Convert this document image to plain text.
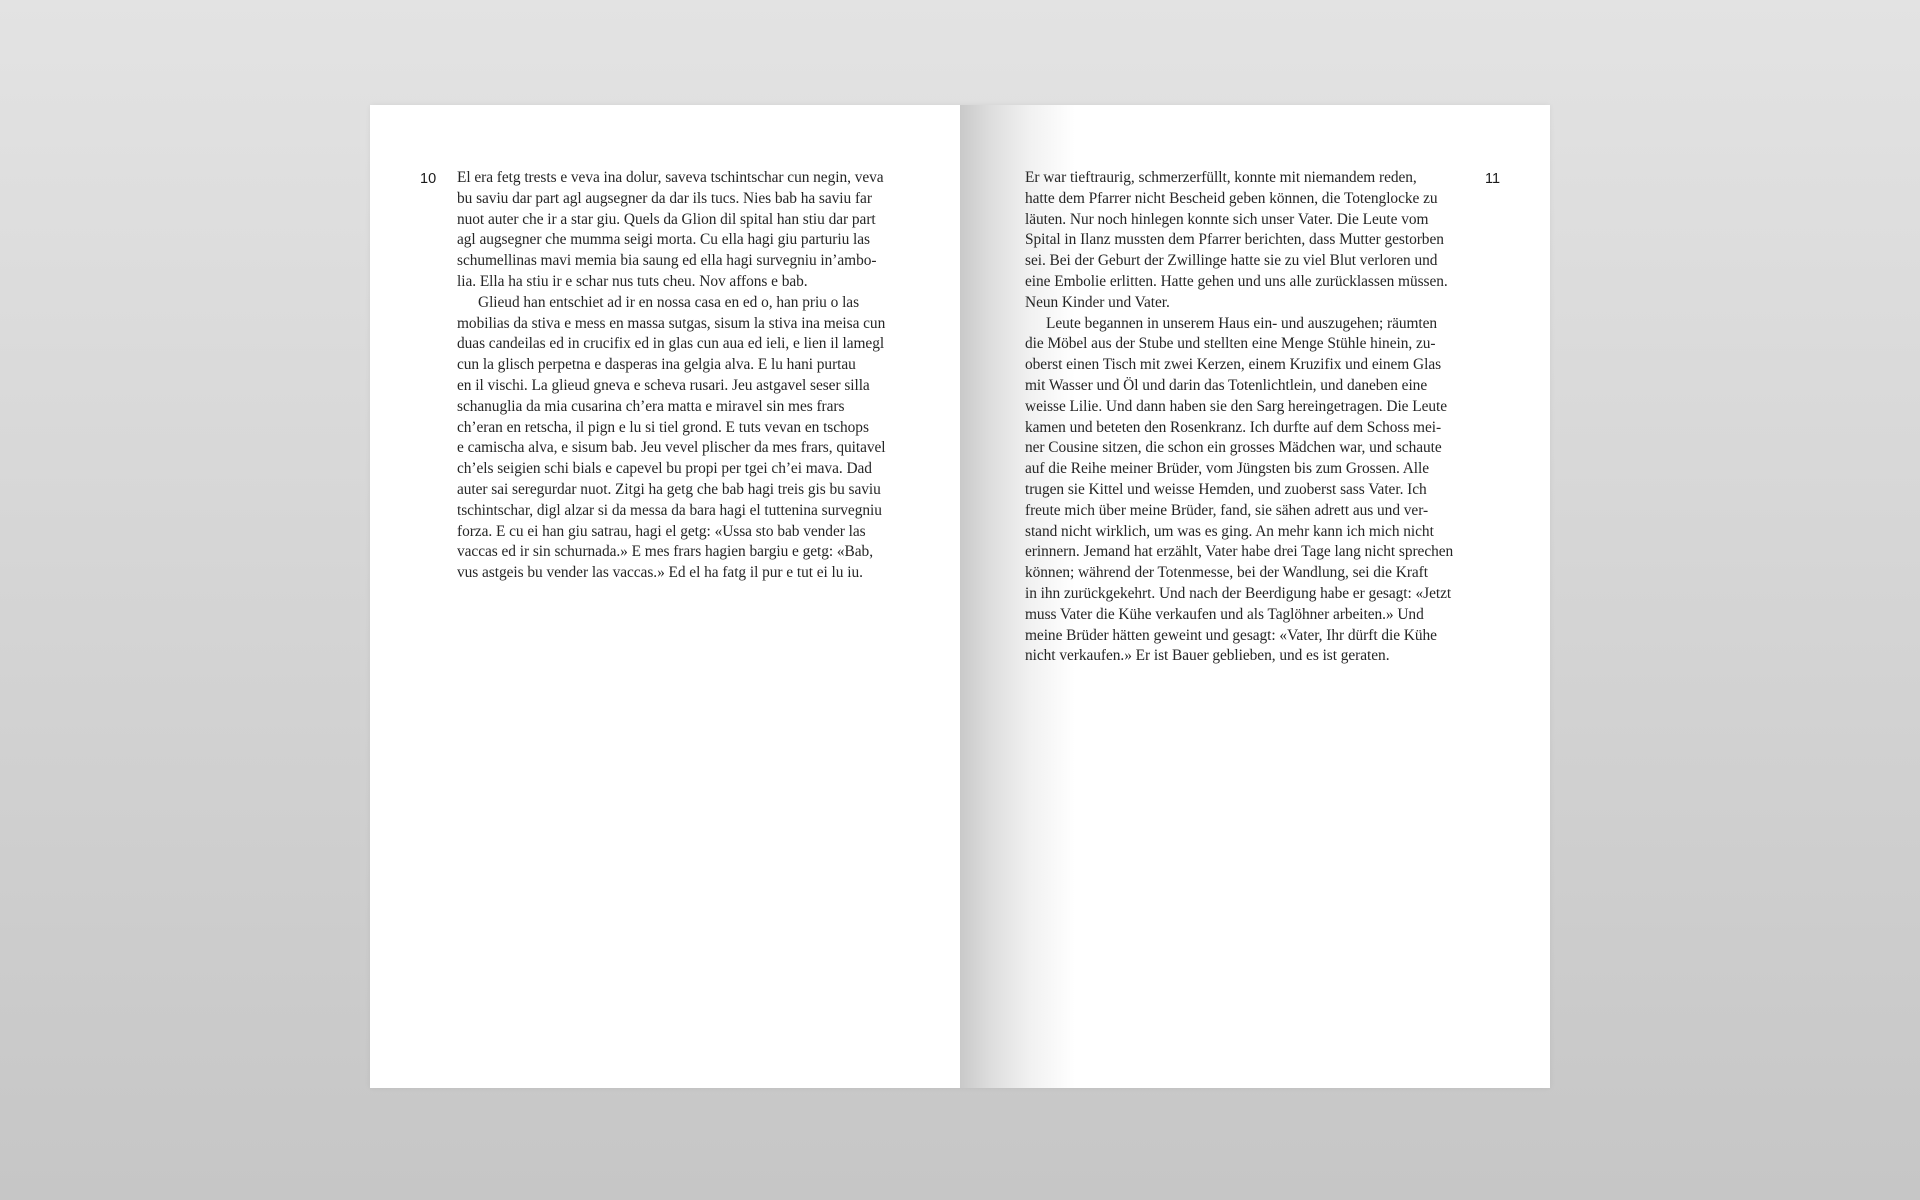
10 El era fetg trests e veva ina dolur, saveva tschintschar cun negin, veva
bu saviu dar part agl augsegner da dar ils tucs. Nies bab ha saviu far
nuot auter che ir a star giu. Quels da Glion dil spital han stiu dar part
agl augsegner che mumma seigi morta. Cu ella hagi giu parturiu las
schumellinas mavi memia bia saung ed ella hagi survegniu in’ambo-
lia. Ella ha stiu ir e schar nus tuts cheu. Nov affons e bab.
Glieud han entschiet ad ir en nossa casa en ed o, han priu o las
mobilias da stiva e mess en massa sutgas, sisum la stiva ina meisa cun
duas candeilas ed in crucifix ed in glas cun aua ed ieli, e lien il lamegl
cun la glisch perpetna e dasperas ina gelgia alva. E lu hani purtau
en il vischi. La glieud gneva e scheva rusari. Jeu astgavel seser silla
schanuglia da mia cusarina ch’era matta e miravel sin mes frars
ch’eran en retscha, il pign e lu si tiel grond. E tuts vevan en tschops
e camischa alva, e sisum bab. Jeu vevel plischer da mes frars, quitavel
ch’els seigien schi bials e capevel bu propi per tgei ch’ei mava. Dad
auter sai seregurdar nuot. Zitgi ha getg che bab hagi treis gis bu saviu
tschintschar, digl alzar si da messa da bara hagi el tuttenina survegniu
forza. E cu ei han giu satrau, hagi el getg: «Ussa sto bab vender las
vaccas ed ir sin schurnada.» E mes frars hagien bargiu e getg: «Bab,
vus astgeis bu vender las vaccas.» Ed el ha fatg il pur e tut ei lu iu.
11
Er war tieftraurig, schmerzerfüllt, konnte mit niemandem reden,
hatte dem Pfarrer nicht Bescheid geben können, die Totenglocke zu
läuten. Nur noch hinlegen konnte sich unser Vater. Die Leute vom
Spital in Ilanz mussten dem Pfarrer berichten, dass Mutter gestorben
sei. Bei der Geburt der Zwillinge hatte sie zu viel Blut verloren und
eine Embolie erlitten. Hatte gehen und uns alle zurücklassen müssen.
Neun Kinder und Vater.
Leute begannen in unserem Haus ein- und auszugehen; räumten
die Möbel aus der Stube und stellten eine Menge Stühle hinein, zu-
oberst einen Tisch mit zwei Kerzen, einem Kruzifix und einem Glas
mit Wasser und Öl und darin das Totenlichtlein, und daneben eine
weisse Lilie. Und dann haben sie den Sarg hereingetragen. Die Leute
kamen und beteten den Rosenkranz. Ich durfte auf dem Schoss mei-
ner Cousine sitzen, die schon ein grosses Mädchen war, und schaute
auf die Reihe meiner Brüder, vom Jüngsten bis zum Grossen. Alle
trugen sie Kittel und weisse Hemden, und zuoberst sass Vater. Ich
freute mich über meine Brüder, fand, sie sähen adrett aus und ver-
stand nicht wirklich, um was es ging. An mehr kann ich mich nicht
erinnern. Jemand hat erzählt, Vater habe drei Tage lang nicht sprechen
können; während der Totenmesse, bei der Wandlung, sei die Kraft
in ihn zurückgekehrt. Und nach der Beerdigung habe er gesagt: «Jetzt
muss Vater die Kühe verkaufen und als Taglöhner arbeiten.» Und
meine Brüder hätten geweint und gesagt: «Vater, Ihr dürft die Kühe
nicht verkaufen.» Er ist Bauer geblieben, und es ist geraten.
